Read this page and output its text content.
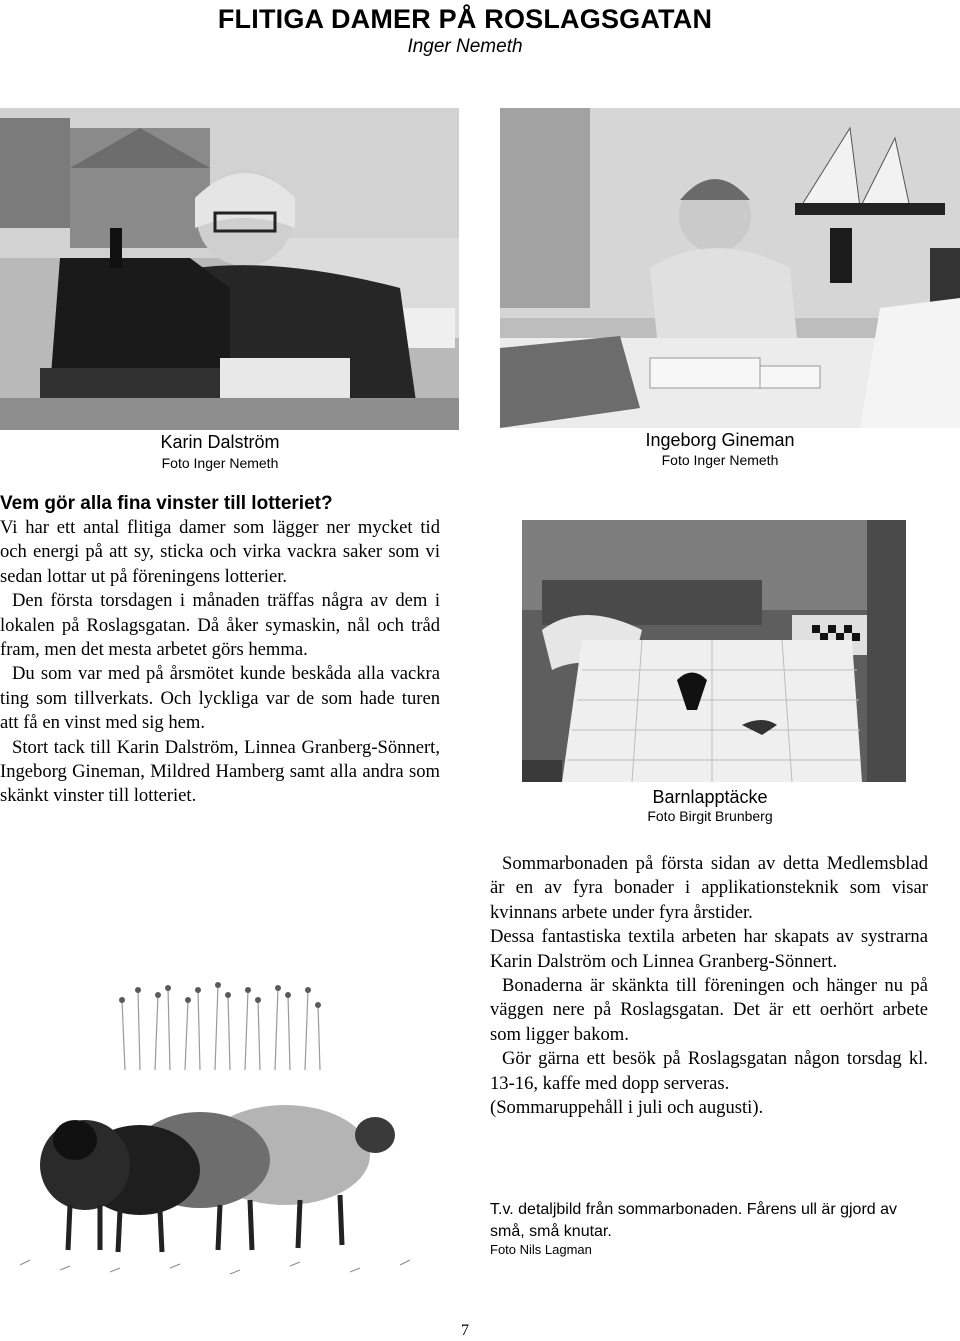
FLITIGA DAMER PÅ ROSLAGSGATAN
Inger Nemeth
Karin Dalström
Foto Inger Nemeth
Ingeborg Gineman
Foto Inger Nemeth
Vem gör alla fina vinster till lotteriet?

Vi har ett antal flitiga damer som lägger ner mycket tid och energi på att sy, sticka och virka vackra saker som vi sedan lottar ut på föreningens lotterier.

Den första torsdagen i månaden träffas några av dem i lokalen på Roslagsgatan. Då åker symaskin, nål och tråd fram, men det mesta arbetet görs hemma.

Du som var med på årsmötet kunde beskåda alla vackra ting som tillverkats. Och lyckliga var de som hade turen att få en vinst med sig hem.

Stort tack till Karin Dalström, Linnea Granberg-Sönnert, Ingeborg Gineman, Mildred Hamberg samt alla andra som skänkt vinster till lotteriet.	Barnlapptäcke
Foto Birgit Brunberg

Sommarbonaden på första sidan av detta Medlemsblad är en av fyra bonader i applikationsteknik som visar kvinnans arbete under fyra årstider.

Dessa fantastiska textila arbeten har skapats av systrarna Karin Dalström och Linnea Granberg-Sönnert.

Bonaderna är skänkta till föreningen och hänger nu på väggen nere på Roslagsgatan. Det är ett oerhört arbete som ligger bakom.

Gör gärna ett besök på Roslagsgatan någon torsdag kl. 13-16, kaffe med dopp serveras.

(Sommaruppehåll i juli och augusti).

T.v. detaljbild från sommarbonaden. Fårens ull är gjord av små, små knutar.
Foto Nils Lagman
7
